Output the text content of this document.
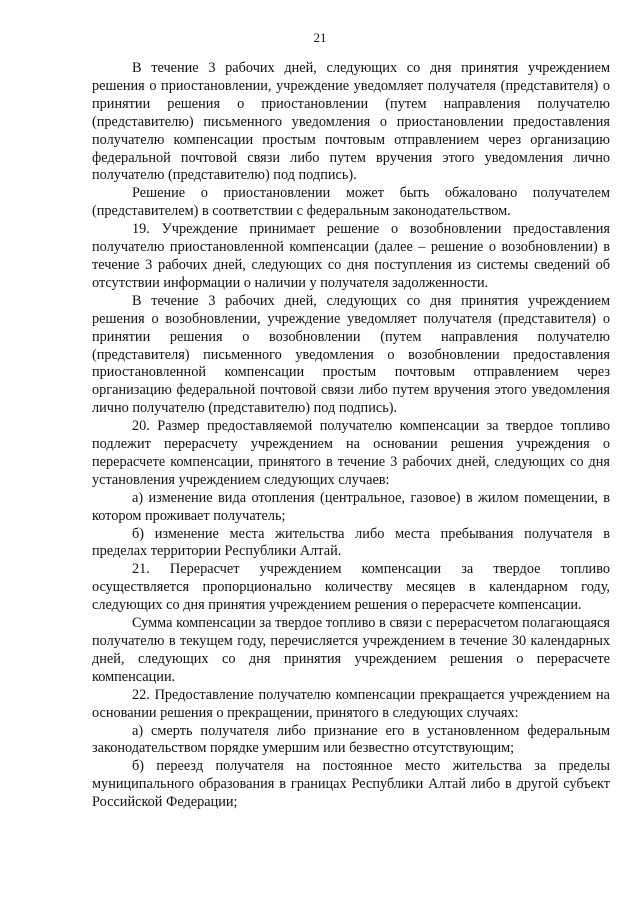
21

В течение 3 рабочих дней, следующих со дня принятия учреждением решения о приостановлении, учреждение уведомляет получателя (представителя) о принятии решения о приостановлении (путем направления получателю (представителю) письменного уведомления о приостановлении предоставления получателю компенсации простым почтовым отправлением через организацию федеральной почтовой связи либо путем вручения этого уведомления лично получателю (представителю) под подпись).

Решение о приостановлении может быть обжаловано получателем (представителем) в соответствии с федеральным законодательством.

19. Учреждение принимает решение о возобновлении предоставления получателю приостановленной компенсации (далее – решение о возобновлении) в течение 3 рабочих дней, следующих со дня поступления из системы сведений об отсутствии информации о наличии у получателя задолженности.

В течение 3 рабочих дней, следующих со дня принятия учреждением решения о возобновлении, учреждение уведомляет получателя (представителя) о принятии решения о возобновлении (путем направления получателю (представителя) письменного уведомления о возобновлении предоставления приостановленной компенсации простым почтовым отправлением через организацию федеральной почтовой связи либо путем вручения этого уведомления лично получателю (представителю) под подпись).

20. Размер предоставляемой получателю компенсации за твердое топливо подлежит перерасчету учреждением на основании решения учреждения о перерасчете компенсации, принятого в течение 3 рабочих дней, следующих со дня установления учреждением следующих случаев:

а) изменение вида отопления (центральное, газовое) в жилом помещении, в котором проживает получатель;

б) изменение места жительства либо места пребывания получателя в пределах территории Республики Алтай.

21. Перерасчет учреждением компенсации за твердое топливо осуществляется пропорционально количеству месяцев в календарном году, следующих со дня принятия учреждением решения о перерасчете компенсации.

Сумма компенсации за твердое топливо в связи с перерасчетом полагающаяся получателю в текущем году, перечисляется учреждением в течение 30 календарных дней, следующих со дня принятия учреждением решения о перерасчете компенсации.

22. Предоставление получателю компенсации прекращается учреждением на основании решения о прекращении, принятого в следующих случаях:

а) смерть получателя либо признание его в установленном федеральным законодательством порядке умершим или безвестно отсутствующим;

б) переезд получателя на постоянное место жительства за пределы муниципального образования в границах Республики Алтай либо в другой субъект Российской Федерации;
